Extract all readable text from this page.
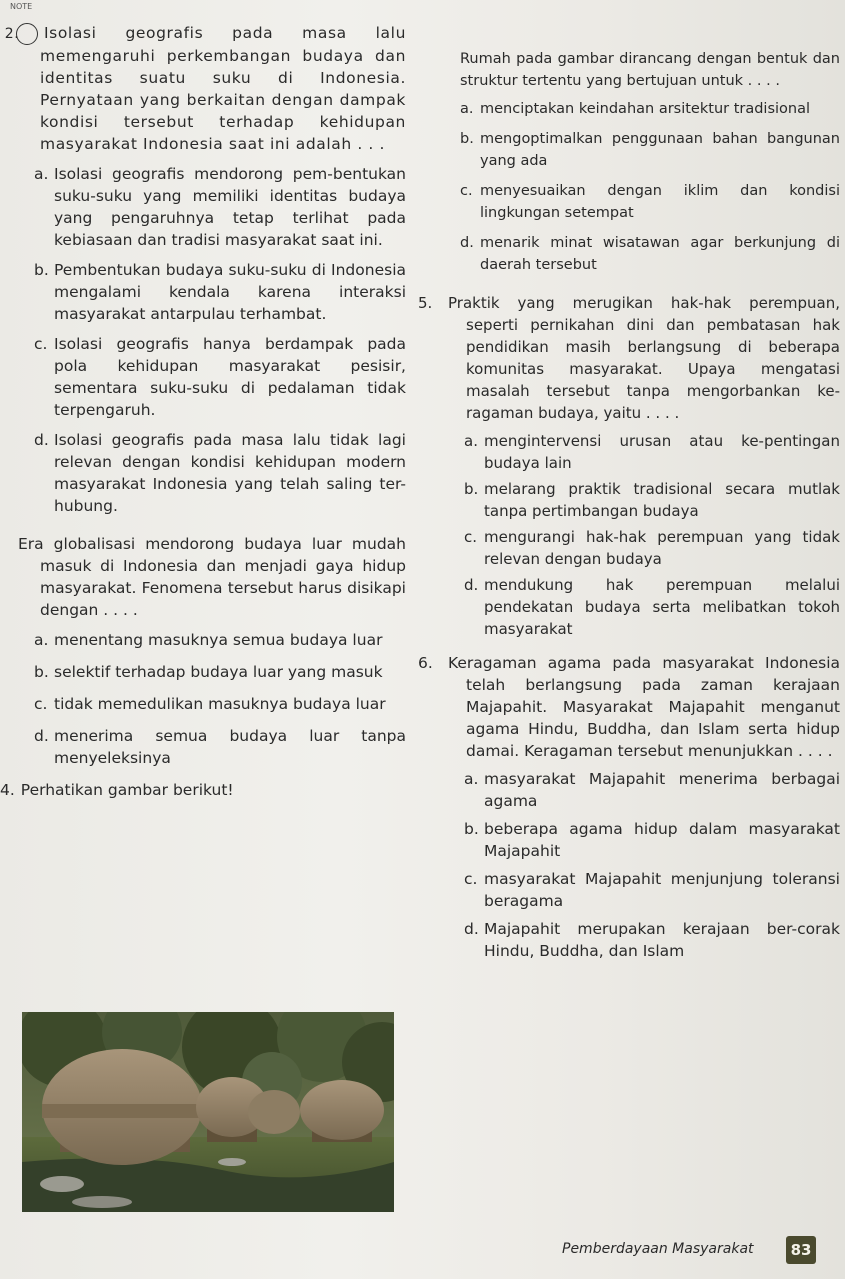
NOTE
2. Isolasi geografis pada masa lalu memengaruhi perkembangan budaya dan identitas suatu suku di Indonesia. Pernyataan yang berkaitan dengan dampak kondisi tersebut terhadap kehidupan masyarakat Indonesia saat ini adalah . . .
a. Isolasi geografis mendorong pem-bentukan suku-suku yang memiliki identitas budaya yang pengaruhnya tetap terlihat pada kebiasaan dan tradisi masyarakat saat ini.
b. Pembentukan budaya suku-suku di Indonesia mengalami kendala karena interaksi masyarakat antarpulau terhambat.
c. Isolasi geografis hanya berdampak pada pola kehidupan masyarakat pesisir, sementara suku-suku di pedalaman tidak terpengaruh.
d. Isolasi geografis pada masa lalu tidak lagi relevan dengan kondisi kehidupan modern masyarakat Indonesia yang telah saling ter-hubung.
Era globalisasi mendorong budaya luar mudah masuk di Indonesia dan menjadi gaya hidup masyarakat. Fenomena tersebut harus disikapi dengan . . . .
a. menentang masuknya semua budaya luar
b. selektif terhadap budaya luar yang masuk
c. tidak memedulikan masuknya budaya luar
d. menerima semua budaya luar tanpa menyeleksinya
4. Perhatikan gambar berikut!
Rumah pada gambar dirancang dengan bentuk dan struktur tertentu yang bertujuan untuk . . . .
a. menciptakan keindahan arsitektur tradisional
b. mengoptimalkan penggunaan bahan bangunan yang ada
c. menyesuaikan dengan iklim dan kondisi lingkungan setempat
d. menarik minat wisatawan agar berkunjung di daerah tersebut
5. Praktik yang merugikan hak-hak perempuan, seperti pernikahan dini dan pembatasan hak pendidikan masih berlangsung di beberapa komunitas masyarakat. Upaya mengatasi masalah tersebut tanpa mengorbankan ke-ragaman budaya, yaitu . . . .
a. mengintervensi urusan atau ke-pentingan budaya lain
b. melarang praktik tradisional secara mutlak tanpa pertimbangan budaya
c. mengurangi hak-hak perempuan yang tidak relevan dengan budaya
d. mendukung hak perempuan melalui pendekatan budaya serta melibatkan tokoh masyarakat
6. Keragaman agama pada masyarakat Indonesia telah berlangsung pada zaman kerajaan Majapahit. Masyarakat Majapahit menganut agama Hindu, Buddha, dan Islam serta hidup damai. Keragaman tersebut menunjukkan . . . .
a. masyarakat Majapahit menerima berbagai agama
b. beberapa agama hidup dalam masyarakat Majapahit
c. masyarakat Majapahit menjunjung toleransi beragama
d. Majapahit merupakan kerajaan ber-corak Hindu, Buddha, dan Islam
Pemberdayaan Masyarakat	83
